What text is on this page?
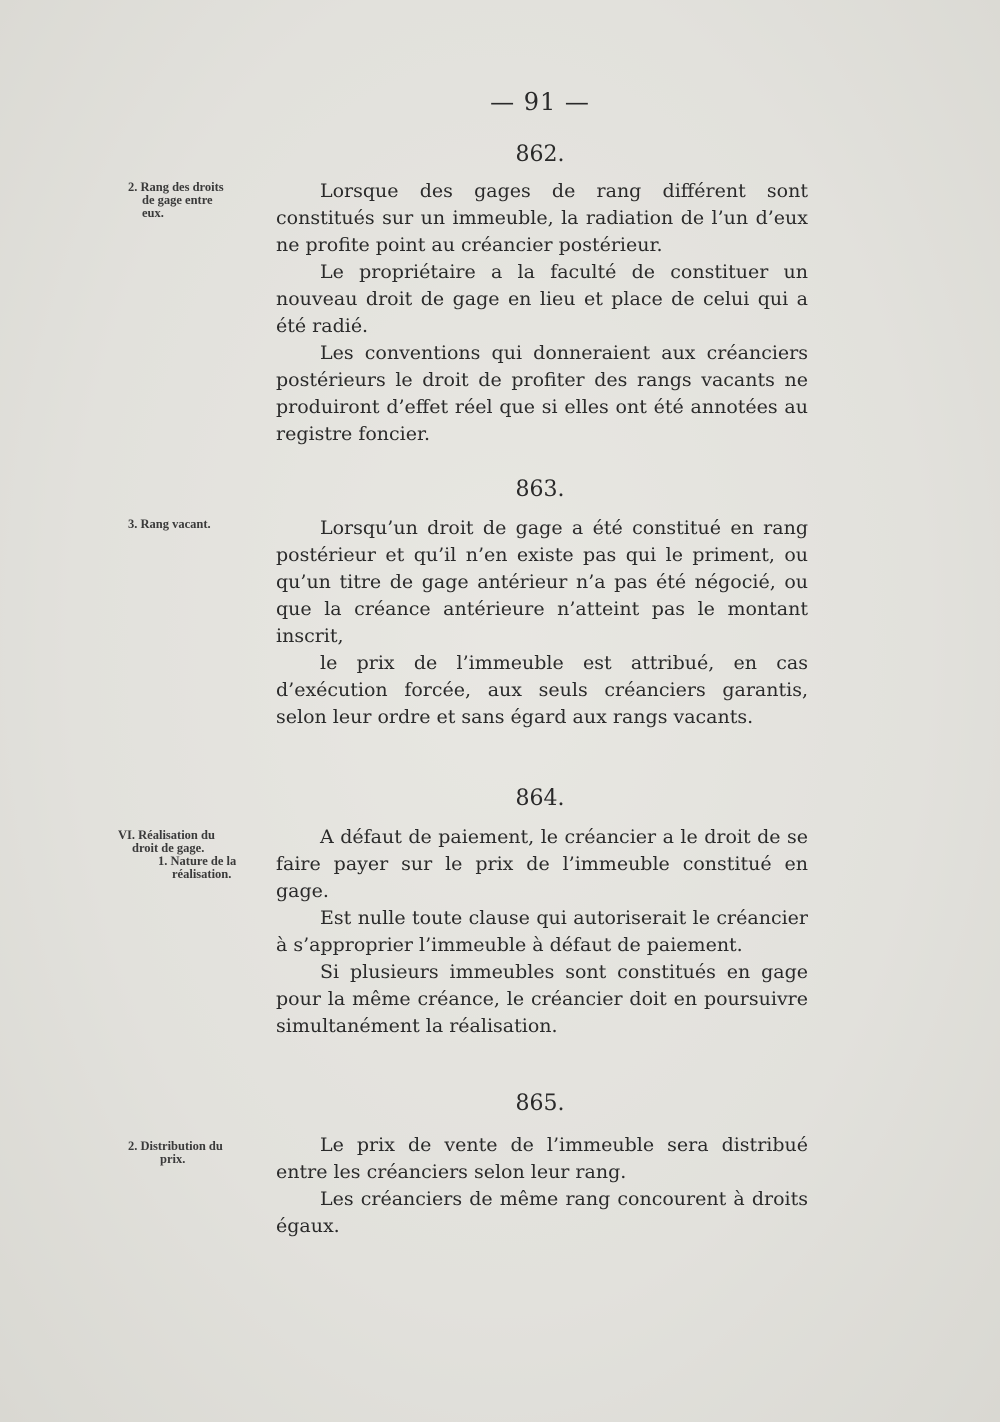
— 91 —
862.
2. Rang des droits
de gage entre
eux.

Lorsque des gages de rang différent sont constitués sur un immeuble, la radiation de l’un d’eux ne profite point au créancier postérieur.

Le propriétaire a la faculté de constituer un nouveau droit de gage en lieu et place de celui qui a été radié.

Les conventions qui donneraient aux créanciers postérieurs le droit de profiter des rangs vacants ne produiront d’effet réel que si elles ont été annotées au registre foncier.

863.
3. Rang vacant.	Lorsqu’un droit de gage a été constitué en rang postérieur et qu’il n’en existe pas qui le priment, ou qu’un titre de gage antérieur n’a pas été négocié, ou que la créance antérieure n’atteint pas le montant inscrit,

le prix de l’immeuble est attribué, en cas d’exécution forcée, aux seuls créanciers garantis, selon leur ordre et sans égard aux rangs vacants.

864.
VI. Réalisation du
droit de gage.
1. Nature de la
réalisation.

A défaut de paiement, le créancier a le droit de se faire payer sur le prix de l’immeuble constitué en gage.

Est nulle toute clause qui autoriserait le créancier à s’approprier l’immeuble à défaut de paiement.

Si plusieurs immeubles sont constitués en gage pour la même créance, le créancier doit en poursuivre simultanément la réalisation.

865.
2. Distribution du
prix.

Le prix de vente de l’immeuble sera distribué entre les créanciers selon leur rang.

Les créanciers de même rang concourent à droits égaux.
